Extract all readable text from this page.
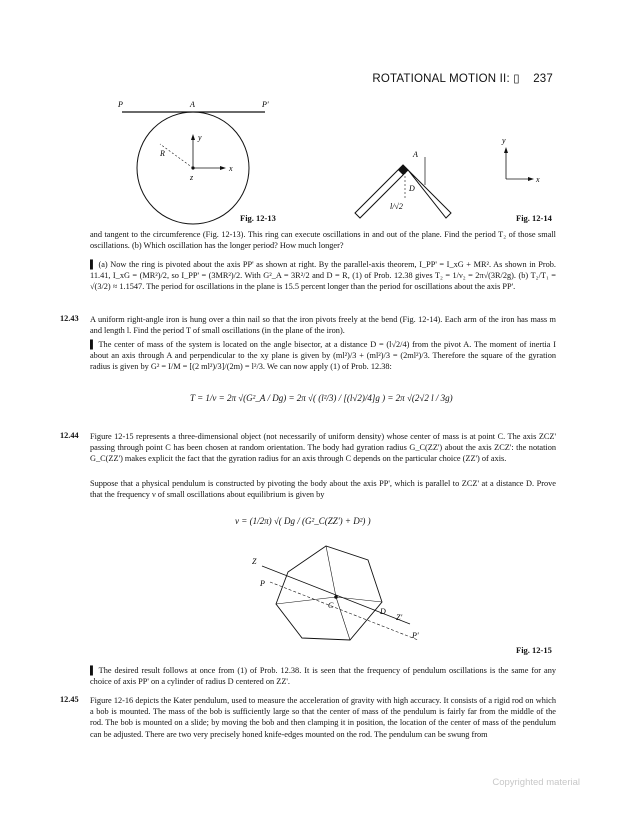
ROTATIONAL MOTION II: ▯ 237
P	A	P'
R
y
x
z
Fig. 12-13
A
D
l/√2
y
x
Fig. 12-14

and tangent to the circumference (Fig. 12-13). This ring can execute oscillations in and out of the plane. Find the period T₂ of those small oscillations. (b) Which oscillation has the longer period? How much longer?

▌ (a) Now the ring is pivoted about the axis PP' as shown at right. By the parallel-axis theorem, I_PP' = I_xG + MR². As shown in Prob. 11.41, I_xG = (MR²)/2, so I_PP' = (3MR²)/2. With G²_A = 3R²/2 and D = R, (1) of Prob. 12.38 gives T₂ = 1/ν₂ = 2π√(3R/2g). (b) T₂/T₁ = √(3/2) ≈ 1.1547. The period for oscillations in the plane is 15.5 percent longer than the period for oscillations about the axis PP'.

12.43 A uniform right-angle iron is hung over a thin nail so that the iron pivots freely at the bend (Fig. 12-14). Each arm of the iron has mass m and length l. Find the period T of small oscillations (in the plane of the iron).

▌ The center of mass of the system is located on the angle bisector, at a distance D = (l√2/4) from the pivot A. The moment of inertia I about an axis through A and perpendicular to the xy plane is given by (ml²)/3 + (ml²)/3 = (2ml²)/3. Therefore the square of the gyration radius is given by G² = I/M = [(2 ml²)/3]/(2m) = l²/3. We can now apply (1) of Prob. 12.38:

T = 1/ν = 2π √(G²_A / Dg) = 2π √( (l²/3) / [(l√2)/4]g ) = 2π √(2√2 l / 3g)
12.44 Figure 12-15 represents a three-dimensional object (not necessarily of uniform density) whose center of mass is at point C. The axis ZCZ' passing through point C has been chosen at random orientation. The body had gyration radius G_C(ZZ') about the axis ZCZ': the notation G_C(ZZ') makes explicit the fact that the gyration radius for an axis through C depends on the particular choice (ZZ') of axis.

Suppose that a physical pendulum is constructed by pivoting the body about the axis PP', which is parallel to ZCZ' at a distance D. Prove that the frequency ν of small oscillations about equilibrium is given by

ν = (1/2π) √( Dg / (G²_C(ZZ') + D²) )
Z
P
C
D
Z'
P'
Fig. 12-15

▌ The desired result follows at once from (1) of Prob. 12.38. It is seen that the frequency of pendulum oscillations is the same for any choice of axis PP' on a cylinder of radius D centered on ZZ'.

12.45 Figure 12-16 depicts the Kater pendulum, used to measure the acceleration of gravity with high accuracy. It consists of a rigid rod on which a bob is mounted. The mass of the bob is sufficiently large so that the center of mass of the pendulum is fairly far from the middle of the rod. The bob is mounted on a slide; by moving the bob and then clamping it in position, the location of the center of mass of the pendulum can be adjusted. There are two very precisely honed knife-edges mounted on the rod. The pendulum can be swung from

Copyrighted material
